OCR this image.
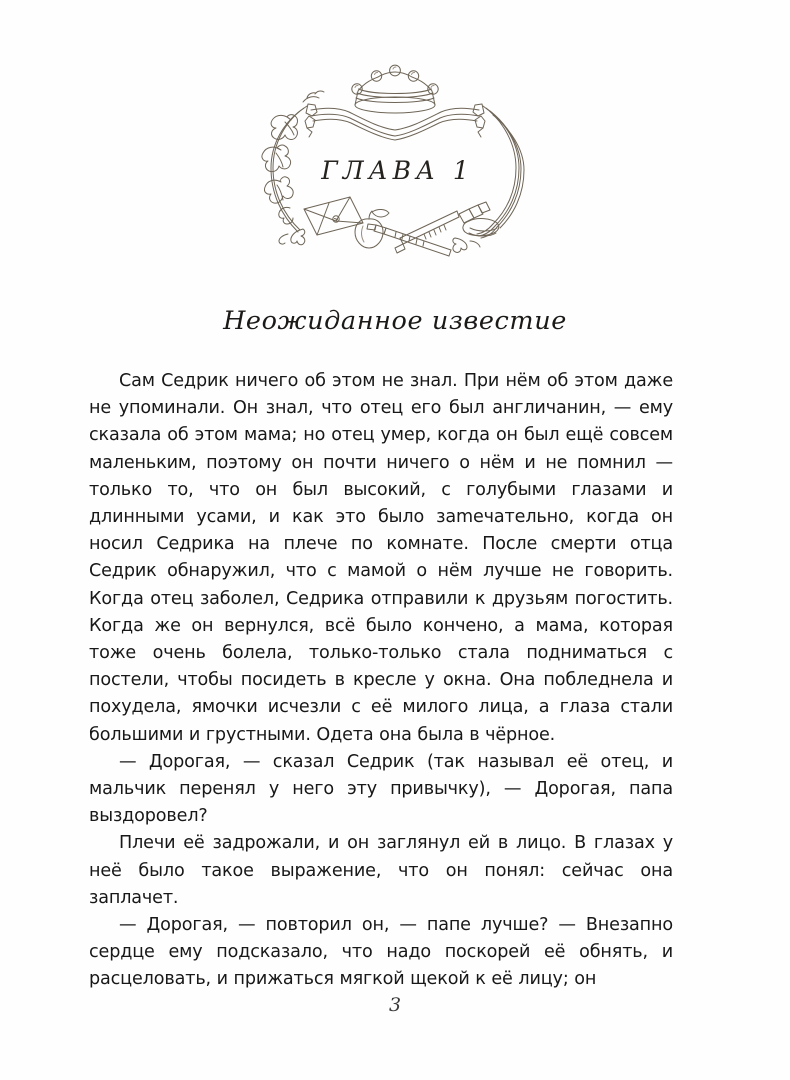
ГЛАВА 1
Неожиданное известие

Сам Седрик ничего об этом не знал. При нём об этом даже не упоминали. Он знал, что отец его был англичанин, — ему сказала об этом мама; но отец умер, когда он был ещё совсем маленьким, поэтому он почти ничего о нём и не помнил — только то, что он был высокий, с голубыми глазами и длинными усами, и как это было заmечательно, когда он носил Седрика на плече по комнате. После смерти отца Седрик обнаружил, что с мамой о нём лучше не говорить. Когда отец заболел, Седрика отправили к друзьям погостить. Когда же он вернулся, всё было кончено, а мама, которая тоже очень болела, только-только стала подниматься с постели, чтобы посидеть в кресле у окна. Она побледнела и похудела, ямочки исчезли с её милого лица, а глаза стали большими и грустными. Одета она была в чёрное.

— Дорогая, — сказал Седрик (так называл её отец, и мальчик перенял у него эту привычку), — Дорогая, папа выздоровел?

Плечи её задрожали, и он заглянул ей в лицо. В глазах у неё было такое выражение, что он понял: сейчас она заплачет.

— Дорогая, — повторил он, — папе лучше? — Внезапно сердце ему подсказало, что надо поскорей её обнять, и расцеловать, и прижаться мягкой щекой к её лицу; он

3
